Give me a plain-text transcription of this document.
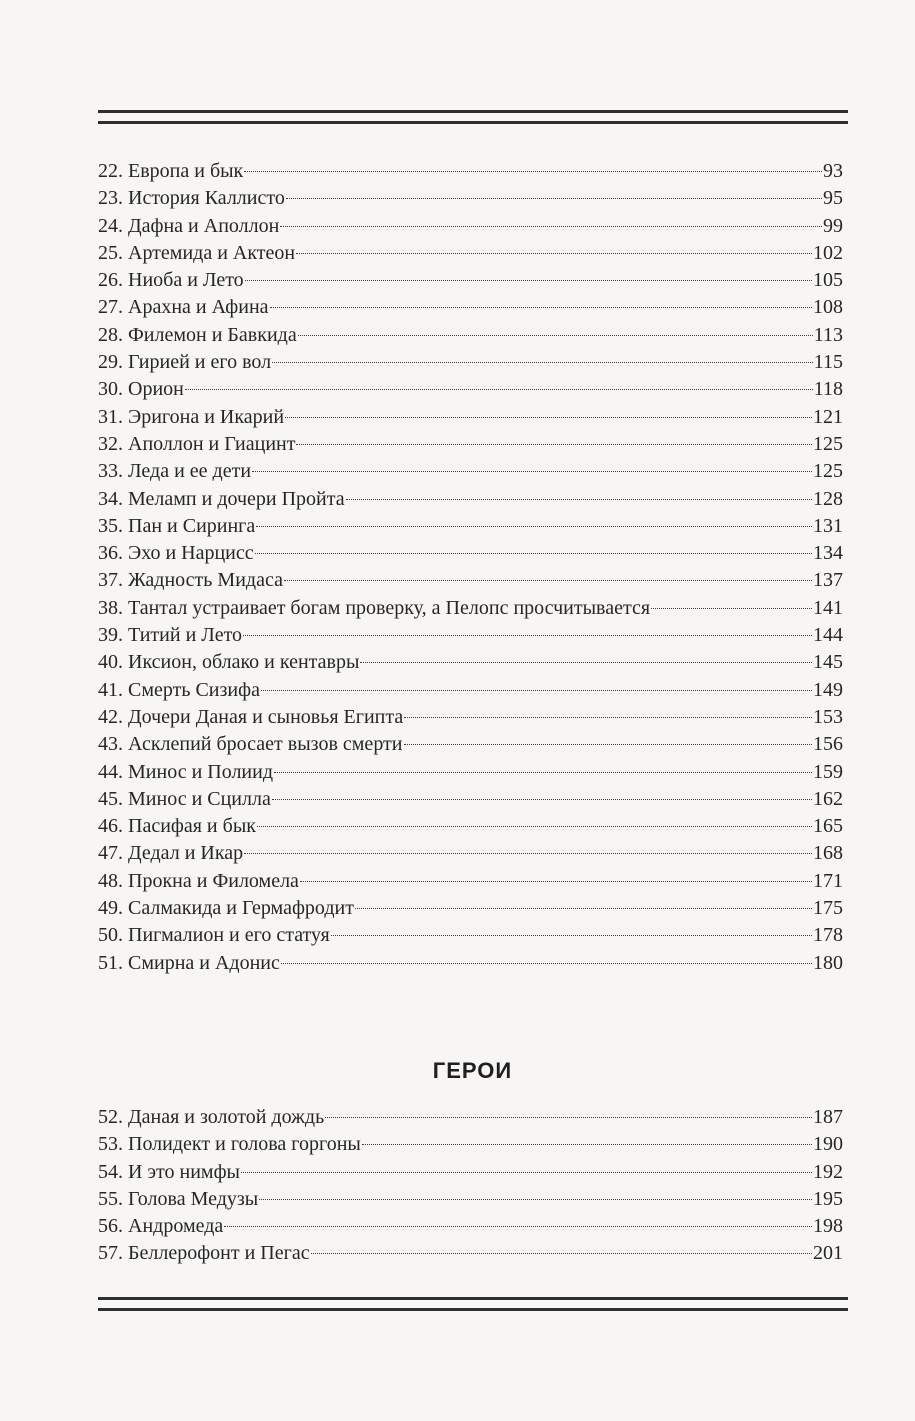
22. Европа и бык	93
23. История Каллисто	95
24. Дафна и Аполлон	99
25. Артемида и Актеон	102
26. Ниоба и Лето	105
27. Арахна и Афина	108
28. Филемон и Бавкида	113
29. Гирией и его вол	115
30. Орион	118
31. Эригона и Икарий	121
32. Аполлон и Гиацинт	125
33. Леда и ее дети	125
34. Меламп и дочери Пройта	128
35. Пан и Сиринга	131
36. Эхо и Нарцисс	134
37. Жадность Мидаса	137
38. Тантал устраивает богам проверку, а Пелопс просчитывается	141
39. Титий и Лето	144
40. Иксион, облако и кентавры	145
41. Смерть Сизифа	149
42. Дочери Даная и сыновья Египта	153
43. Асклепий бросает вызов смерти	156
44. Минос и Полиид	159
45. Минос и Сцилла	162
46. Пасифая и бык	165
47. Дедал и Икар	168
48. Прокна и Филомела	171
49. Салмакида и Гермафродит	175
50. Пигмалион и его статуя	178
51. Смирна и Адонис	180
ГЕРОИ
52. Даная и золотой дождь	187
53. Полидект и голова горгоны	190
54. И это нимфы	192
55. Голова Медузы	195
56. Андромеда	198
57. Беллерофонт и Пегас	201
